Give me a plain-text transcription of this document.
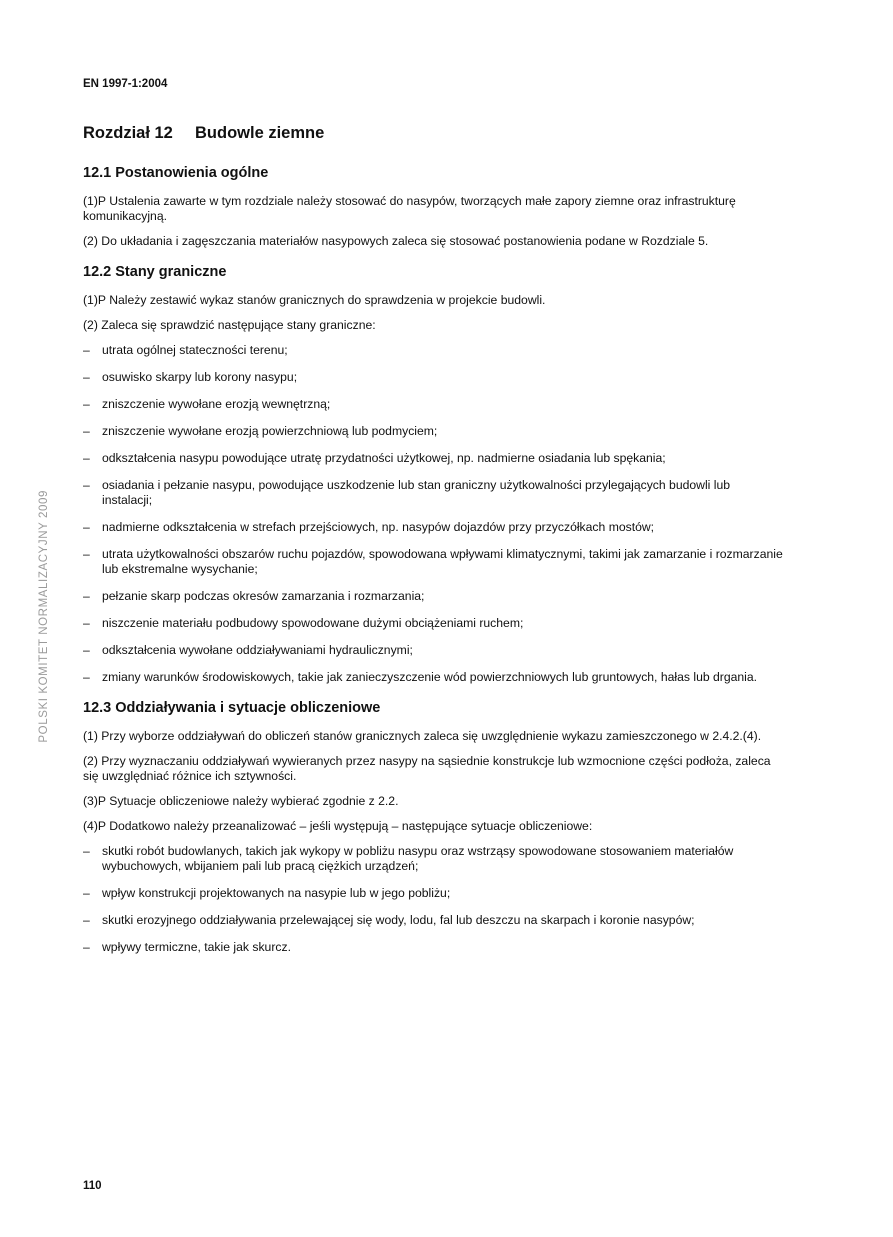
EN 1997-1:2004
Rozdział 12 Budowle ziemne
12.1 Postanowienia ogólne

(1)P Ustalenia zawarte w tym rozdziale należy stosować do nasypów, tworzących małe zapory ziemne oraz infrastrukturę komunikacyjną.

(2) Do układania i zagęszczania materiałów nasypowych zaleca się stosować postanowienia podane w Rozdziale 5.

12.2 Stany graniczne

(1)P Należy zestawić wykaz stanów granicznych do sprawdzenia w projekcie budowli.

(2) Zaleca się sprawdzić następujące stany graniczne:

– utrata ogólnej stateczności terenu;
– osuwisko skarpy lub korony nasypu;
– zniszczenie wywołane erozją wewnętrzną;
– zniszczenie wywołane erozją powierzchniową lub podmyciem;
– odkształcenia nasypu powodujące utratę przydatności użytkowej, np. nadmierne osiadania lub spękania;
– osiadania i pełzanie nasypu, powodujące uszkodzenie lub stan graniczny użytkowalności przylegających budowli lub instalacji;
– nadmierne odkształcenia w strefach przejściowych, np. nasypów dojazdów przy przyczółkach mostów;
– utrata użytkowalności obszarów ruchu pojazdów, spowodowana wpływami klimatycznymi, takimi jak zamarzanie i rozmarzanie lub ekstremalne wysychanie;
– pełzanie skarp podczas okresów zamarzania i rozmarzania;
– niszczenie materiału podbudowy spowodowane dużymi obciążeniami ruchem;
– odkształcenia wywołane oddziaływaniami hydraulicznymi;
– zmiany warunków środowiskowych, takie jak zanieczyszczenie wód powierzchniowych lub gruntowych, hałas lub drgania.
12.3 Oddziaływania i sytuacje obliczeniowe

(1) Przy wyborze oddziaływań do obliczeń stanów granicznych zaleca się uwzględnienie wykazu zamieszczonego w 2.4.2.(4).

(2) Przy wyznaczaniu oddziaływań wywieranych przez nasypy na sąsiednie konstrukcje lub wzmocnione części podłoża, zaleca się uwzględniać różnice ich sztywności.

(3)P Sytuacje obliczeniowe należy wybierać zgodnie z 2.2.

(4)P Dodatkowo należy przeanalizować – jeśli występują – następujące sytuacje obliczeniowe:

– skutki robót budowlanych, takich jak wykopy w pobliżu nasypu oraz wstrząsy spowodowane stosowaniem materiałów wybuchowych, wbijaniem pali lub pracą ciężkich urządzeń;
– wpływ konstrukcji projektowanych na nasypie lub w jego pobliżu;
– skutki erozyjnego oddziaływania przelewającej się wody, lodu, fal lub deszczu na skarpach i koronie nasypów;
– wpływy termiczne, takie jak skurcz.
110
POLSKI KOMITET NORMALIZACYJNY 2009
